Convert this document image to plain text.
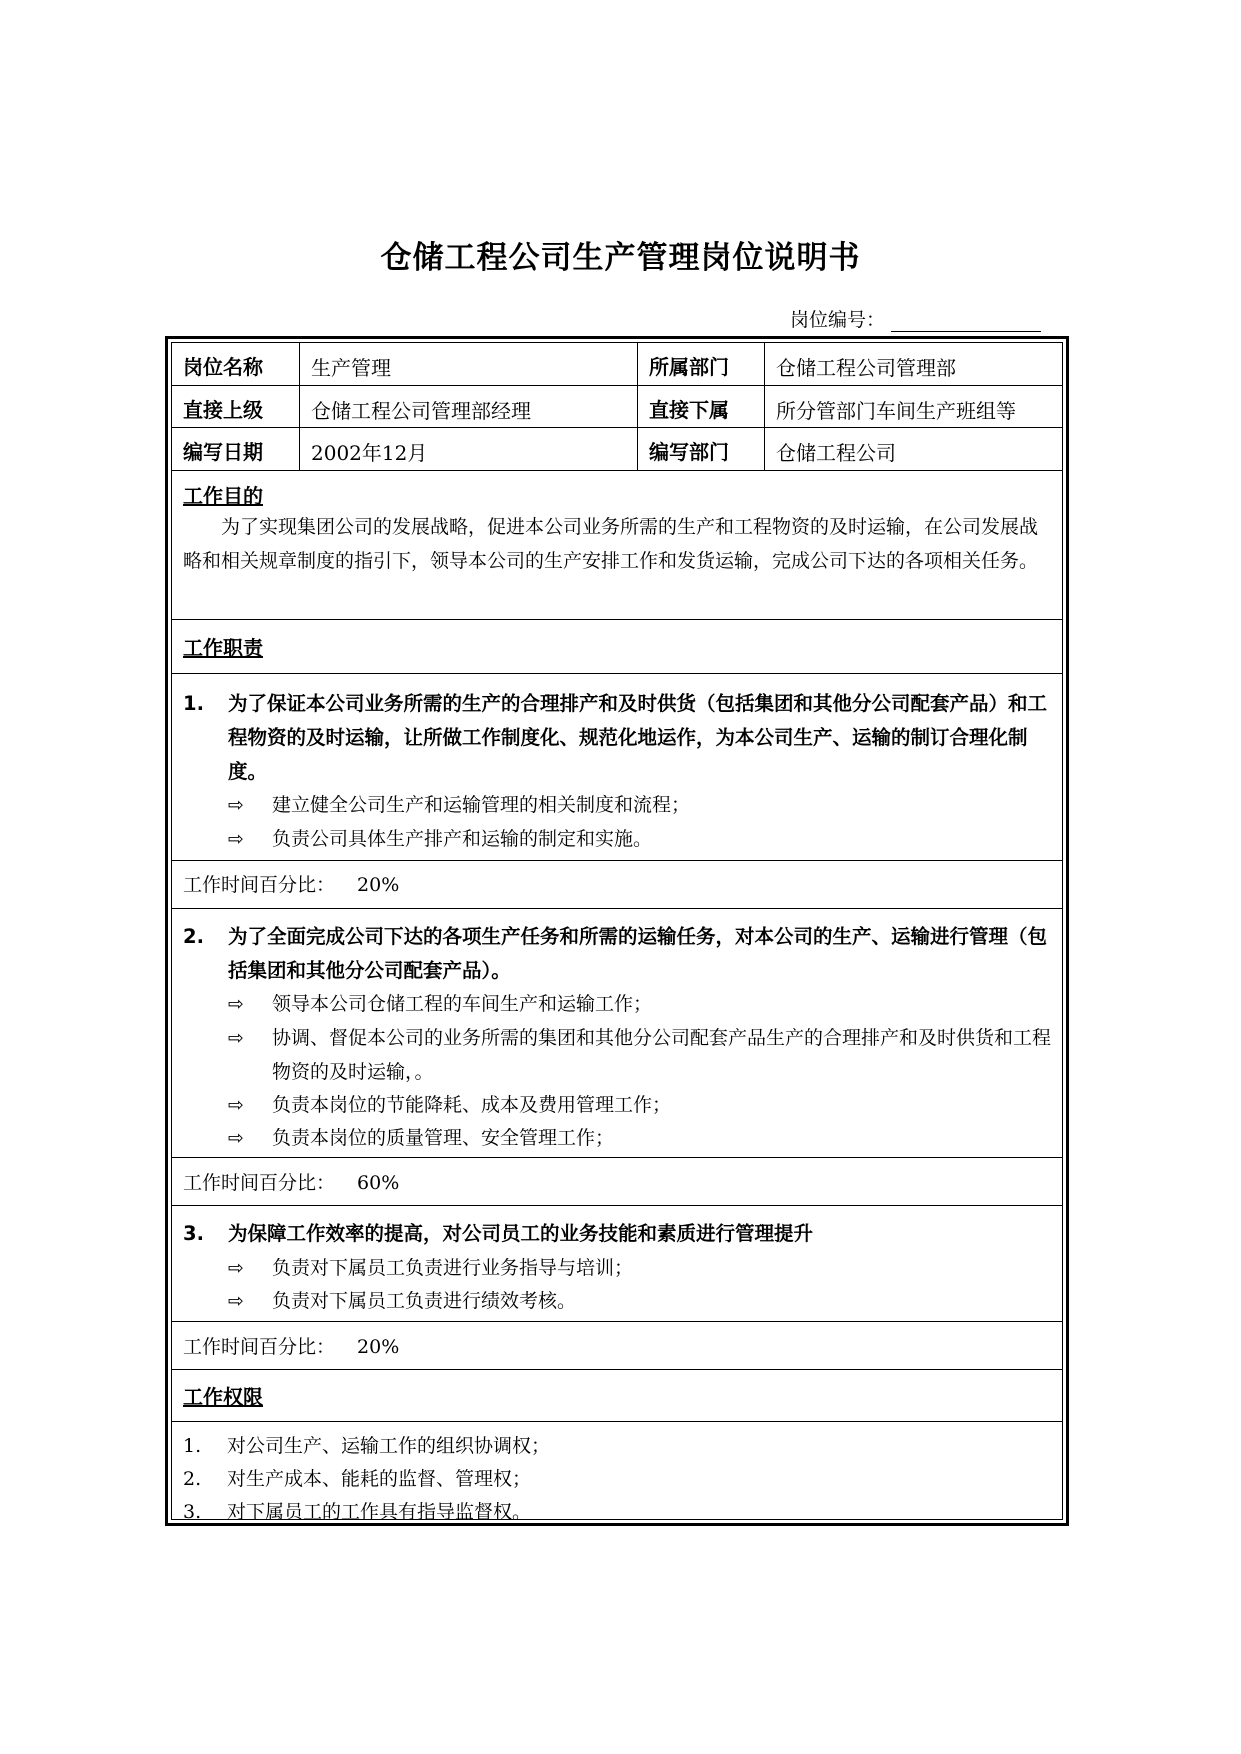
仓储工程公司生产管理岗位说明书
岗位编号：
岗位名称 生产管理	所属部门 仓储工程公司管理部
直接上级 仓储工程公司管理部经理	直接下属 所分管部门车间生产班组等
编写日期 2002年12月	编写部门 仓储工程公司
工作目的
为了实现集团公司的发展战略，促进本公司业务所需的生产和工程物资的及时运输，在公司发展战略和相关规章制度的指引下，领导本公司的生产安排工作和发货运输，完成公司下达的各项相关任务。
工作职责
1. 为了保证本公司业务所需的生产的合理排产和及时供货（包括集团和其他分公司配套产品）和工程物资的及时运输，让所做工作制度化、规范化地运作，为本公司生产、运输的制订合理化制度。
⇨ 建立健全公司生产和运输管理的相关制度和流程；
⇨ 负责公司具体生产排产和运输的制定和实施。
工作时间百分比： 20%
2. 为了全面完成公司下达的各项生产任务和所需的运输任务，对本公司的生产、运输进行管理（包括集团和其他分公司配套产品）。
⇨ 领导本公司仓储工程的车间生产和运输工作；
⇨ 协调、督促本公司的业务所需的集团和其他分公司配套产品生产的合理排产和及时供货和工程物资的及时运输，。
⇨ 负责本岗位的节能降耗、成本及费用管理工作；
⇨ 负责本岗位的质量管理、安全管理工作；
工作时间百分比： 60%
3. 为保障工作效率的提高，对公司员工的业务技能和素质进行管理提升
⇨ 负责对下属员工负责进行业务指导与培训；
⇨ 负责对下属员工负责进行绩效考核。
工作时间百分比： 20%
工作权限
1. 对公司生产、运输工作的组织协调权；
2. 对生产成本、能耗的监督、管理权；
3. 对下属员工的工作具有指导监督权。
